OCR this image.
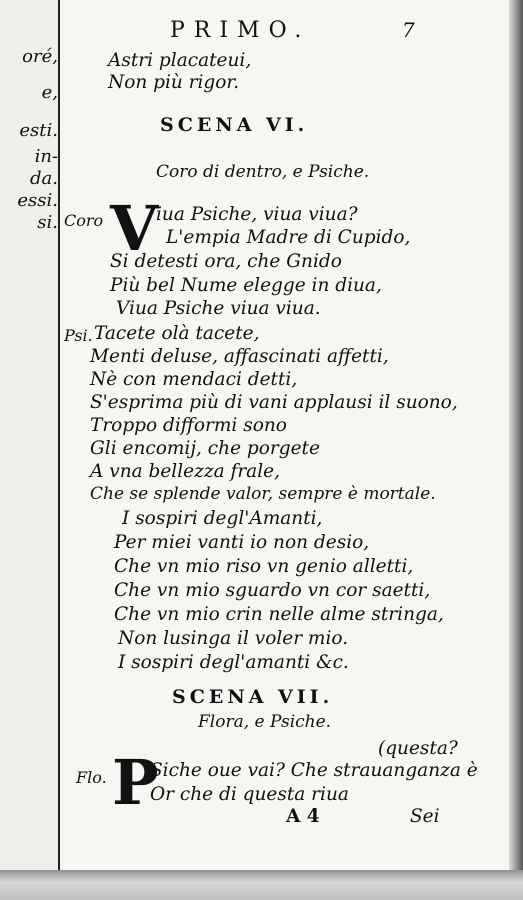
oré,
e,
esti.
in-
da.
essi.
si.
PRIMO.	7
Astri placateui,
Non più rigor.
SCENA VI.
Coro di dentro, e Psiche.
Coro V
iua Psiche, viua viua?
L'empia Madre di Cupido,
Si detesti ora, che Gnido
Più bel Nume elegge in diua,
Viua Psiche viua viua.
Psi. Tacete olà tacete,
Menti deluse, affascinati affetti,
Nè con mendaci detti,
S'esprima più di vani applausi il suono,
Troppo difformi sono
Gli encomij, che porgete
A vna bellezza frale,
Che se splende valor, sempre è mortale.
I sospiri degl'Amanti,
Per miei vanti io non desio,
Che vn mio riso vn genio alletti,
Che vn mio sguardo vn cor saetti,
Che vn mio crin nelle alme stringa,
Non lusinga il voler mio.
I sospiri degl'amanti &c.
SCENA VII.
Flora, e Psiche.
(questa?
Flo. P
Siche oue vai? Che strauanganza è
Or che di questa riua
A 4	Sei
